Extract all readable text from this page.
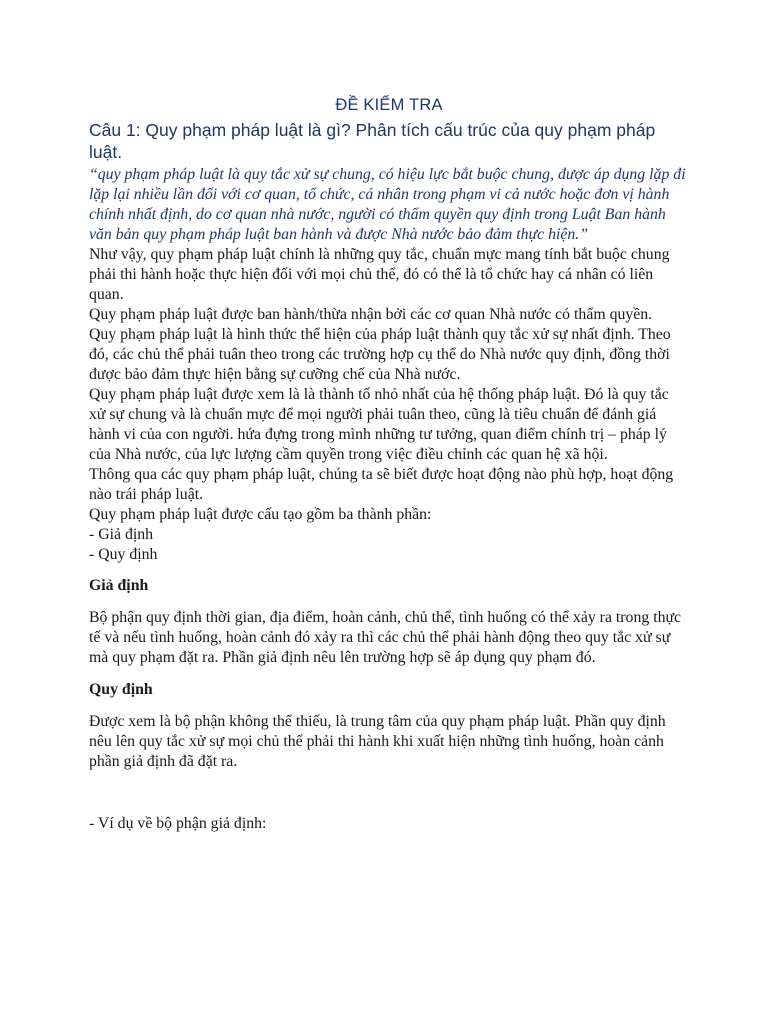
ĐỀ KIỂM TRA
Câu 1: Quy phạm pháp luật là gì? Phân tích cấu trúc của quy phạm pháp luật.

“quy phạm pháp luật là quy tắc xử sự chung, có hiệu lực bắt buộc chung, được áp dụng lặp đi lặp lại nhiều lần đối với cơ quan, tổ chức, cá nhân trong phạm vi cả nước hoặc đơn vị hành chính nhất định, do cơ quan nhà nước, người có thẩm quyền quy định trong Luật Ban hành văn bản quy phạm pháp luật ban hành và được Nhà nước bảo đảm thực hiện.”

Như vậy, quy phạm pháp luật chính là những quy tắc, chuẩn mực mang tính bắt buộc chung phải thi hành hoặc thực hiện đối với mọi chủ thể, đó có thể là tổ chức hay cá nhân có liên quan.

Quy phạm pháp luật được ban hành/thừa nhận bởi các cơ quan Nhà nước có thẩm quyền.

Quy phạm pháp luật là hình thức thể hiện của pháp luật thành quy tắc xử sự nhất định. Theo đó, các chủ thể phải tuân theo trong các trường hợp cụ thể do Nhà nước quy định, đồng thời được bảo đảm thực hiện bằng sự cưỡng chế của Nhà nước.

Quy phạm pháp luật được xem là là thành tố nhỏ nhất của hệ thống pháp luật. Đó là quy tắc xử sự chung và là chuẩn mực để mọi người phải tuân theo, cũng là tiêu chuẩn để đánh giá hành vi của con người. hứa đựng trong mình những tư tưởng, quan điểm chính trị – pháp lý của Nhà nước, của lực lượng cầm quyền trong việc điều chỉnh các quan hệ xã hội.

Thông qua các quy phạm pháp luật, chúng ta sẽ biết được hoạt động nào phù hợp, hoạt động nào trái pháp luật.

Quy phạm pháp luật được cấu tạo gồm ba thành phần:

- Giả định

- Quy định

Giả định

Bộ phận quy định thời gian, địa điểm, hoàn cảnh, chủ thể, tình huống có thể xảy ra trong thực tế và nếu tình huống, hoàn cảnh đó xảy ra thì các chủ thể phải hành động theo quy tắc xử sự mà quy phạm đặt ra. Phần giả định nêu lên trường hợp sẽ áp dụng quy phạm đó.

Quy định

Được xem là bộ phận không thể thiếu, là trung tâm của quy phạm pháp luật. Phần quy định nêu lên quy tắc xử sự mọi chủ thể phải thi hành khi xuất hiện những tình huống, hoàn cảnh phần giả định đã đặt ra.

- Ví dụ về bộ phận giả định:
